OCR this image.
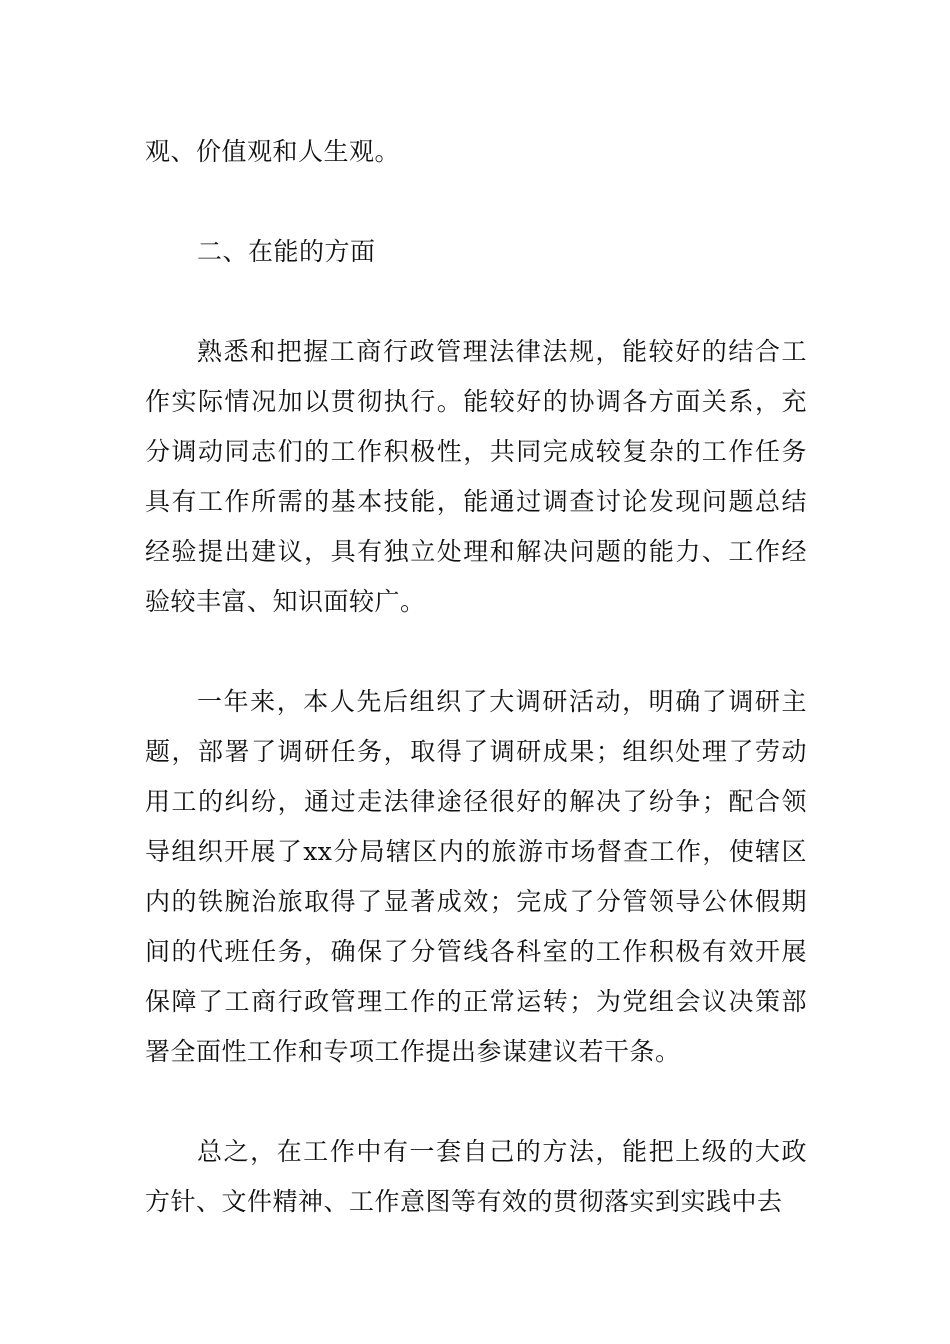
观、价值观和人生观。

二、在能的方面

熟悉和把握工商行政管理法律法规，能较好的结合工作实际情况加以贯彻执行。能较好的协调各方面关系，充分调动同志们的工作积极性，共同完成较复杂的工作任务具有工作所需的基本技能，能通过调查讨论发现问题总结经验提出建议，具有独立处理和解决问题的能力、工作经验较丰富、知识面较广。

一年来，本人先后组织了大调研活动，明确了调研主题，部署了调研任务，取得了调研成果；组织处理了劳动用工的纠纷，通过走法律途径很好的解决了纷争；配合领导组织开展了xx分局辖区内的旅游市场督查工作，使辖区内的铁腕治旅取得了显著成效；完成了分管领导公休假期间的代班任务，确保了分管线各科室的工作积极有效开展保障了工商行政管理工作的正常运转；为党组会议决策部署全面性工作和专项工作提出参谋建议若干条。

总之，在工作中有一套自己的方法，能把上级的大政方针、文件精神、工作意图等有效的贯彻落实到实践中去
